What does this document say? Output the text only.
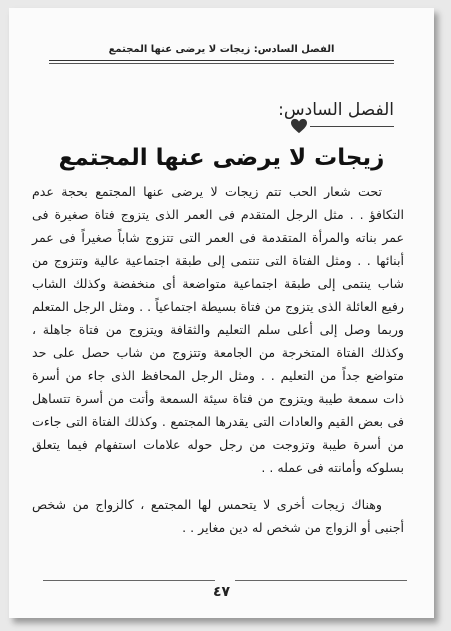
الفصل السادس: زيجات لا يرضى عنها المجتمع
الفصل السادس:
زيجات لا يرضى عنها المجتمع

تحت شعار الحب تتم زيجات لا يرضى عنها المجتمع بحجة عدم التكافؤ . . مثل الرجل المتقدم فى العمر الذى يتزوج فتاة صغيرة فى عمر بناته والمرأة المتقدمة فى العمر التى تتزوج شاباً صغيراً فى عمر أبنائها . . ومثل الفتاة التى تنتمى إلى طبقة اجتماعية عالية وتتزوج من شاب ينتمى إلى طبقة اجتماعية متواضعة أى منخفضة وكذلك الشاب رفيع العائلة الذى يتزوج من فتاة بسيطة اجتماعياً . . ومثل الرجل المتعلم وربما وصل إلى أعلى سلم التعليم والثقافة ويتزوج من فتاة جاهلة ، وكذلك الفتاة المتخرجة من الجامعة وتتزوج من شاب حصل على حد متواضع جداً من التعليم . . ومثل الرجل المحافظ الذى جاء من أسرة ذات سمعة طيبة ويتزوج من فتاة سيئة السمعة وأتت من أسرة تتساهل فى بعض القيم والعادات التى يقدرها المجتمع . وكذلك الفتاة التى جاءت من أسرة طيبة وتزوجت من رجل حوله علامات استفهام فيما يتعلق بسلوكه وأمانته فى عمله . .

وهناك زيجات أخرى لا يتحمس لها المجتمع ، كالزواج من شخص أجنبى أو الزواج من شخص له دين مغاير . .

٤٧
